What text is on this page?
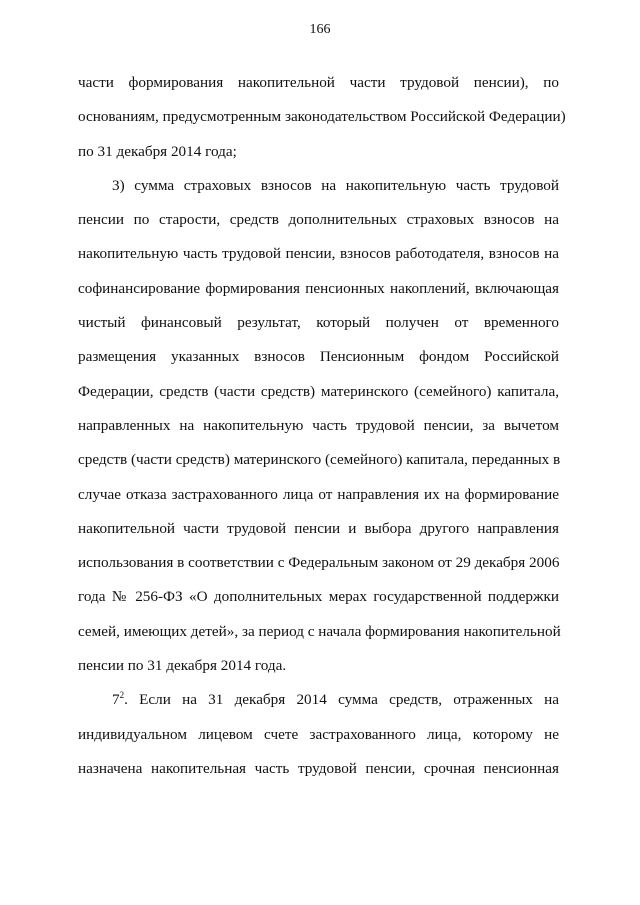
166
части формирования накопительной части трудовой пенсии), по
основаниям, предусмотренным законодательством Российской Федерации)
по 31 декабря 2014 года;
3) сумма страховых взносов на накопительную часть трудовой
пенсии по старости, средств дополнительных страховых взносов на
накопительную часть трудовой пенсии, взносов работодателя, взносов на
софинансирование формирования пенсионных накоплений, включающая
чистый финансовый результат, который получен от временного
размещения указанных взносов Пенсионным фондом Российской
Федерации, средств (части средств) материнского (семейного) капитала,
направленных на накопительную часть трудовой пенсии, за вычетом
средств (части средств) материнского (семейного) капитала, переданных в
случае отказа застрахованного лица от направления их на формирование
накопительной части трудовой пенсии и выбора другого направления
использования в соответствии с Федеральным законом от 29 декабря 2006
года № 256-ФЗ «О дополнительных мерах государственной поддержки
семей, имеющих детей», за период с начала формирования накопительной
пенсии по 31 декабря 2014 года.
$7^2$. Если на 31 декабря 2014 сумма средств, отраженных на
индивидуальном лицевом счете застрахованного лица, которому не
назначена накопительная часть трудовой пенсии, срочная пенсионная
